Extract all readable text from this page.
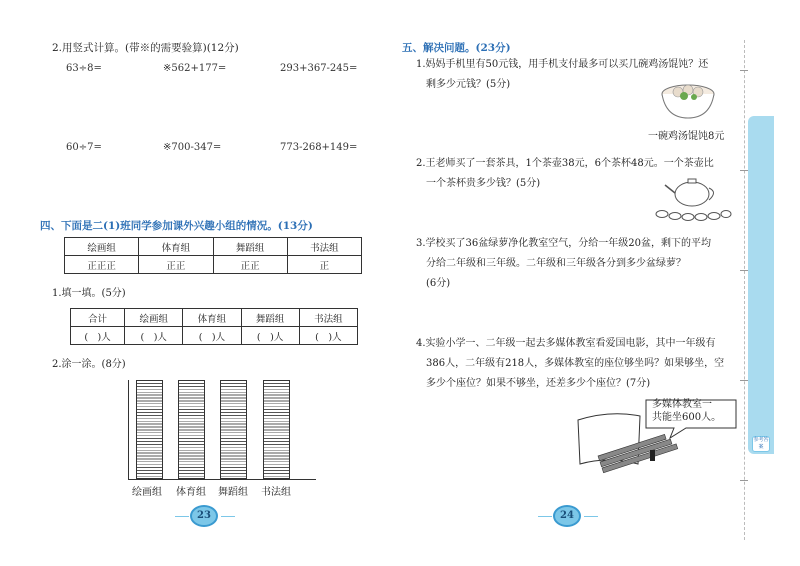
2.用竖式计算。(带※的需要验算)(12分)
63÷8=	※562+177=	293+367-245=
60÷7=	※700-347=	773-268+149=
四、下面是二(1)班同学参加课外兴趣小组的情况。(13分)
绘画组	体育组	舞蹈组	书法组
正正正	正正	正正	正
1.填一填。(5分)
合计	绘画组	体育组	舞蹈组	书法组
(　)人	(　)人	(　)人	(　)人	(　)人
2.涂一涂。(8分)
绘画组 体育组 舞蹈组 书法组
23
五、解决问题。(23分)
1.妈妈手机里有50元钱，用手机支付最多可以买几碗鸡汤馄饨？还
剩多少元钱？(5分)
一碗鸡汤馄饨8元
2.王老师买了一套茶具，1个茶壶38元，6个茶杯48元。一个茶壶比
一个茶杯贵多少钱？(5分)
3.学校买了36盆绿萝净化教室空气，分给一年级20盆，剩下的平均
分给二年级和三年级。二年级和三年级各分到多少盆绿萝？
(6分)
4.实验小学一、二年级一起去多媒体教室看爱国电影，其中一年级有
386人，二年级有218人，多媒体教室的座位够坐吗？如果够坐，空
多少个座位？如果不够坐，还差多少个座位？(7分)
多媒体教室一
共能坐600人。
参考答案
24
